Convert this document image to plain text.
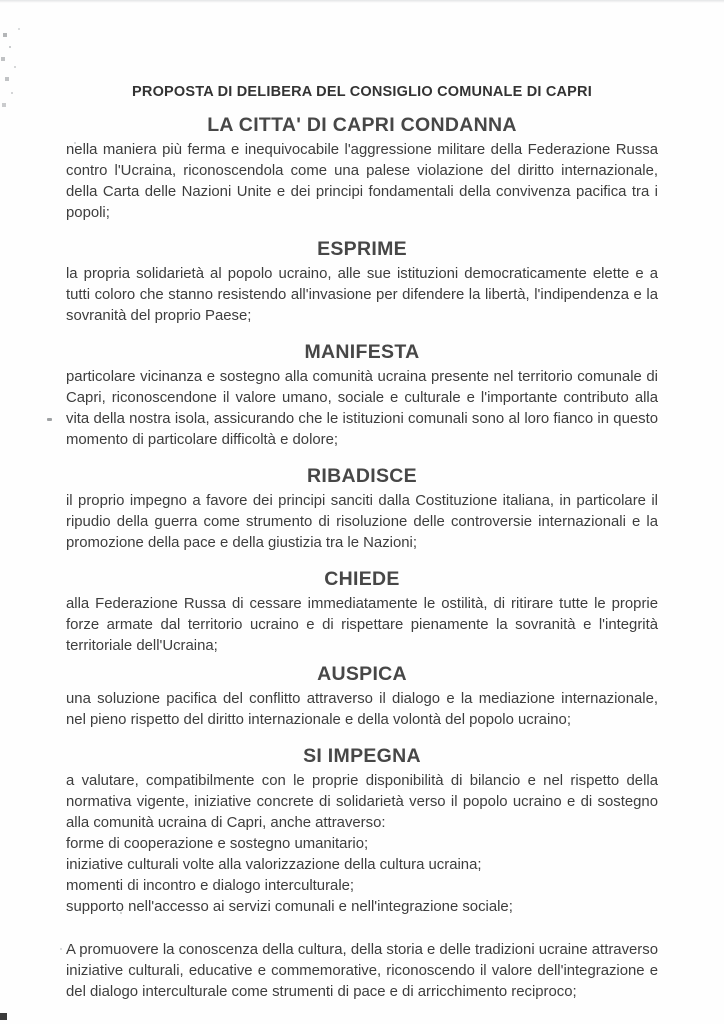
PROPOSTA DI DELIBERA DEL CONSIGLIO COMUNALE DI CAPRI
LA CITTA' DI CAPRI CONDANNA

nella maniera più ferma e inequivocabile l'aggressione militare della Federazione Russa contro l'Ucraina, riconoscendola come una palese violazione del diritto internazionale, della Carta delle Nazioni Unite e dei principi fondamentali della convivenza pacifica tra i popoli;

ESPRIME

la propria solidarietà al popolo ucraino, alle sue istituzioni democraticamente elette e a tutti coloro che stanno resistendo all'invasione per difendere la libertà, l'indipendenza e la sovranità del proprio Paese;

MANIFESTA

particolare vicinanza e sostegno alla comunità ucraina presente nel territorio comunale di Capri, riconoscendone il valore umano, sociale e culturale e l'importante contributo alla vita della nostra isola, assicurando che le istituzioni comunali sono al loro fianco in questo momento di particolare difficoltà e dolore;

RIBADISCE

il proprio impegno a favore dei principi sanciti dalla Costituzione italiana, in particolare il ripudio della guerra come strumento di risoluzione delle controversie internazionali e la promozione della pace e della giustizia tra le Nazioni;

CHIEDE

alla Federazione Russa di cessare immediatamente le ostilità, di ritirare tutte le proprie forze armate dal territorio ucraino e di rispettare pienamente la sovranità e l'integrità territoriale dell'Ucraina;

AUSPICA

una soluzione pacifica del conflitto attraverso il dialogo e la mediazione internazionale, nel pieno rispetto del diritto internazionale e della volontà del popolo ucraino;

SI IMPEGNA

a valutare, compatibilmente con le proprie disponibilità di bilancio e nel rispetto della normativa vigente, iniziative concrete di solidarietà verso il popolo ucraino e di sostegno alla comunità ucraina di Capri, anche attraverso:

forme di cooperazione e sostegno umanitario;
iniziative culturali volte alla valorizzazione della cultura ucraina;
momenti di incontro e dialogo interculturale;
supporto nell'accesso ai servizi comunali e nell'integrazione sociale;

A promuovere la conoscenza della cultura, della storia e delle tradizioni ucraine attraverso iniziative culturali, educative e commemorative, riconoscendo il valore dell'integrazione e del dialogo interculturale come strumenti di pace e di arricchimento reciproco;
